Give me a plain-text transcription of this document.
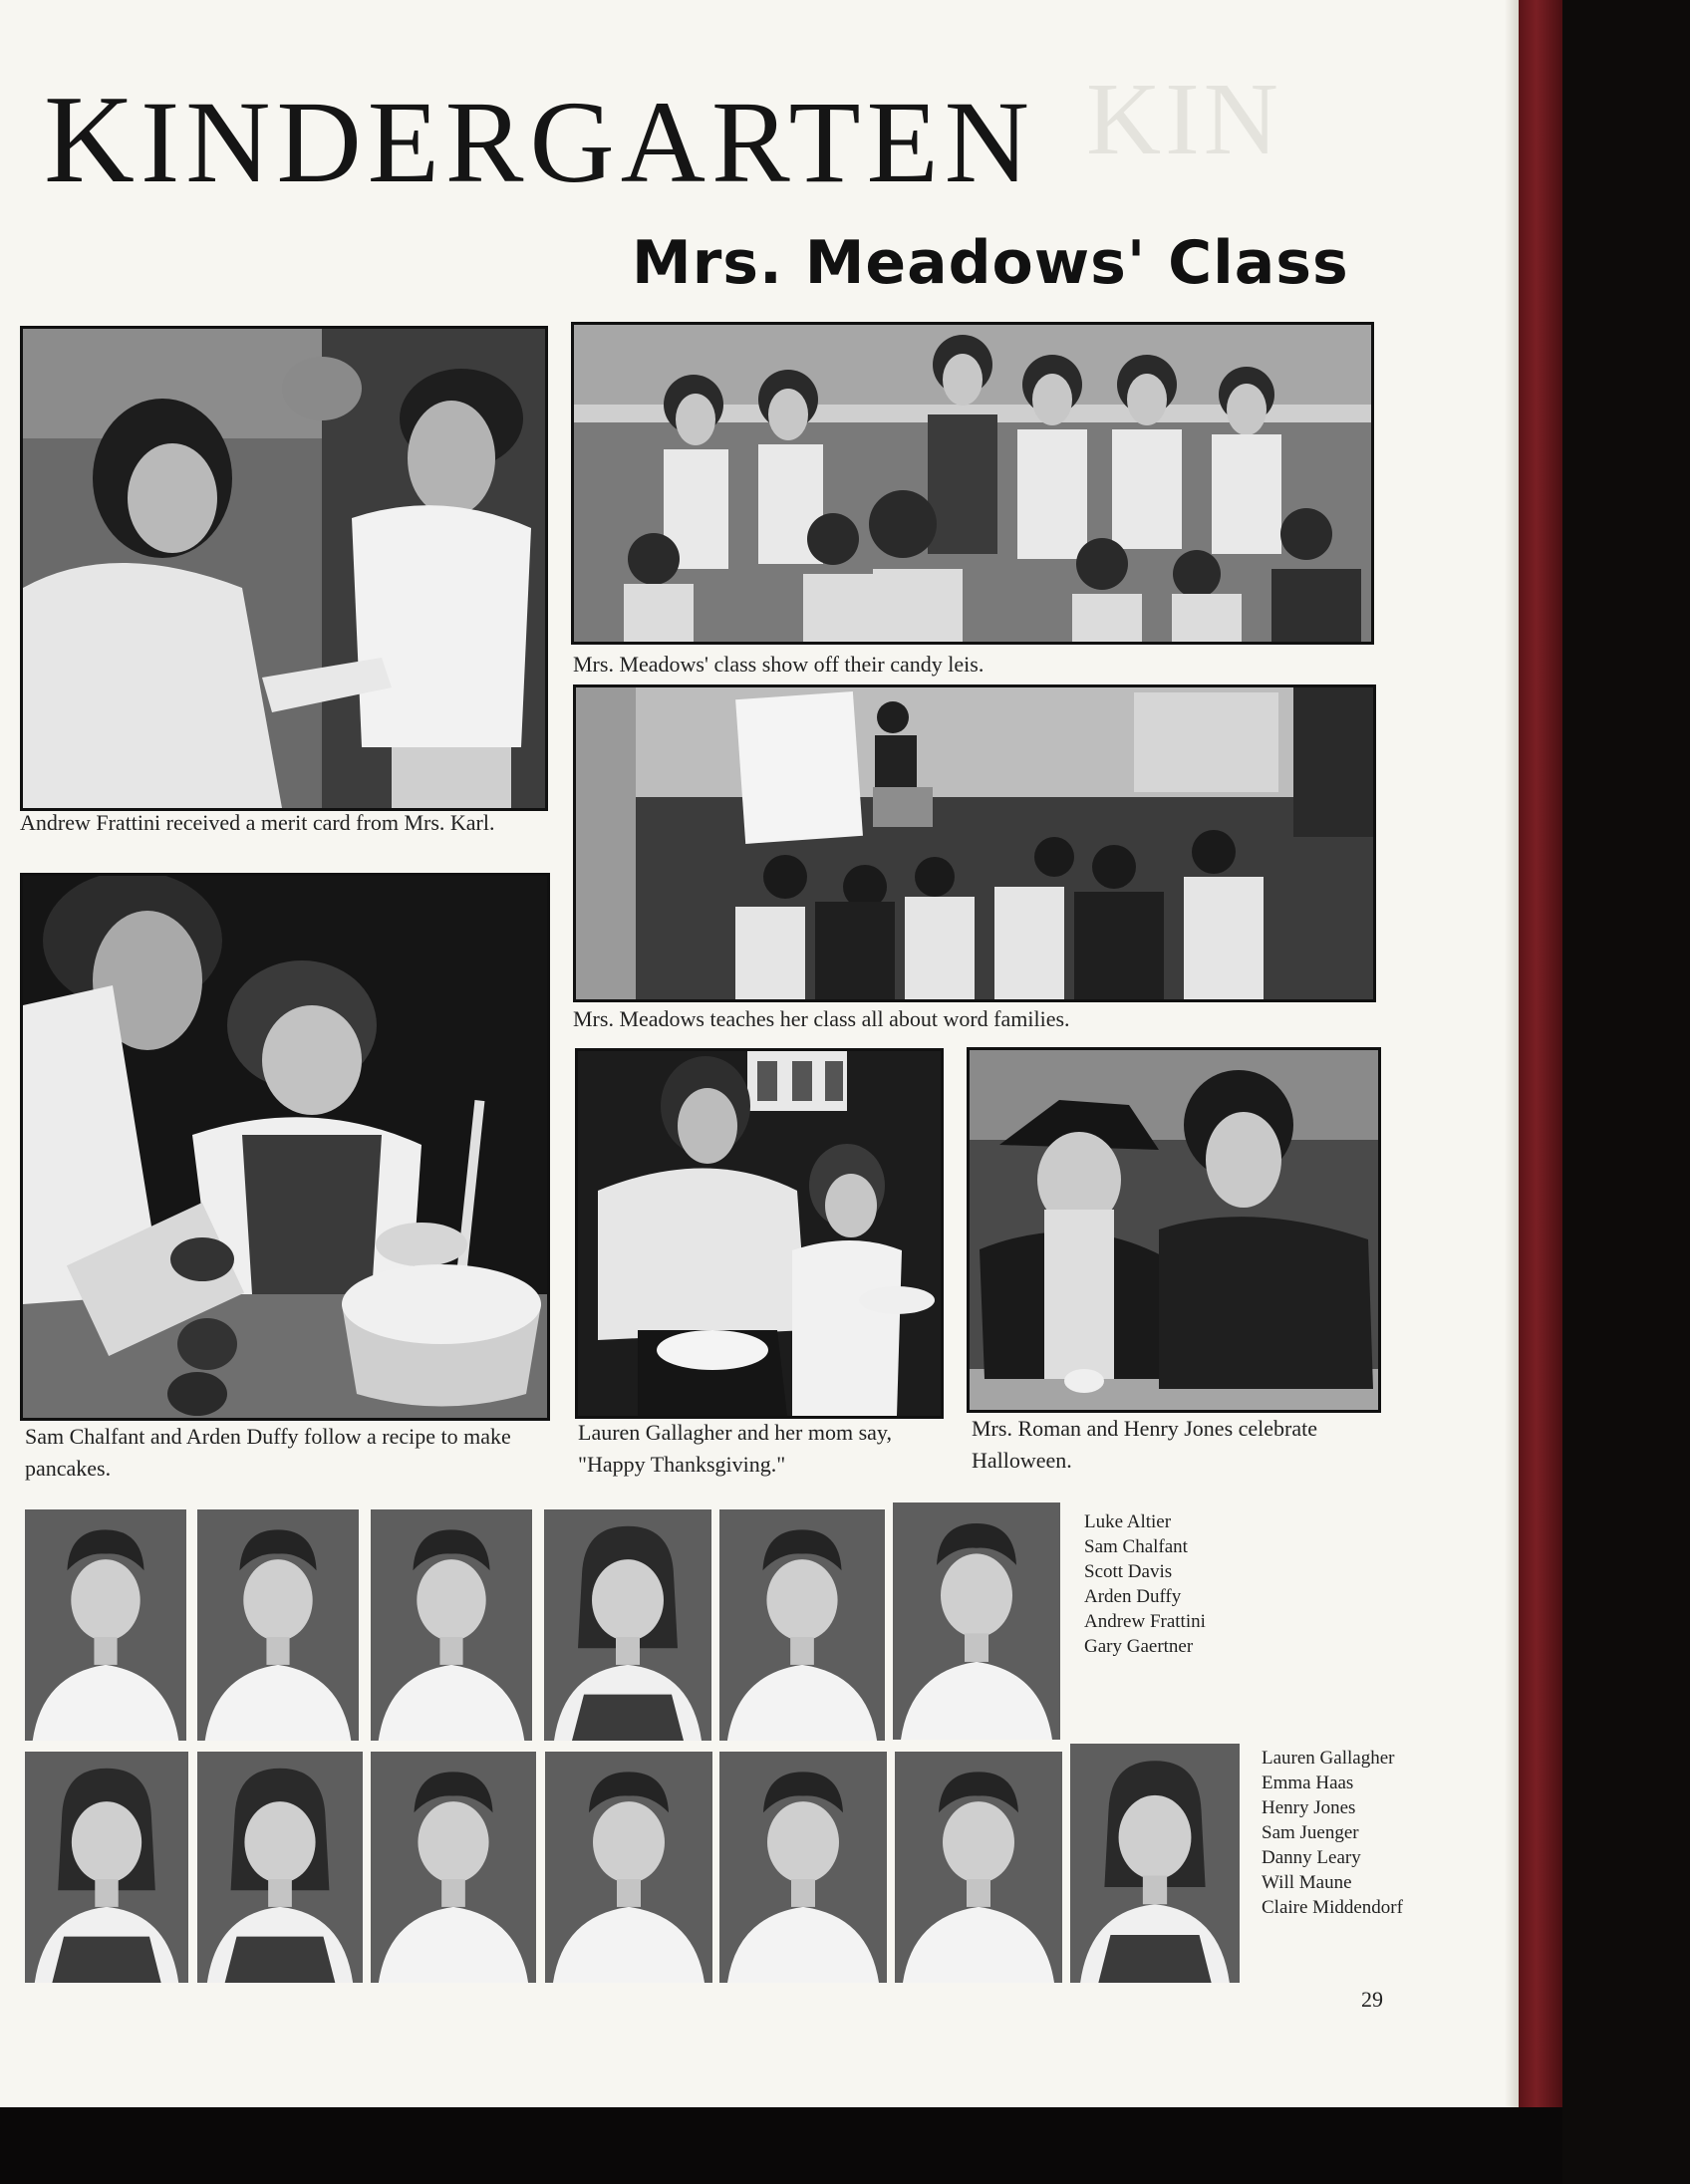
KIN
KINDERGARTEN
Mrs. Meadows' Class
Andrew Frattini received a merit card from Mrs. Karl.
Mrs. Meadows' class show off their candy leis.
Mrs. Meadows teaches her class all about word families.
Sam Chalfant and Arden Duffy follow a recipe to make pancakes.
Lauren Gallagher and her mom say, "Happy Thanksgiving."
Mrs. Roman and Henry Jones celebrate Halloween.
Luke Altier
Sam Chalfant
Scott Davis
Arden Duffy
Andrew Frattini
Gary Gaertner
Lauren Gallagher
Emma Haas
Henry Jones
Sam Juenger
Danny Leary
Will Maune
Claire Middendorf
29
